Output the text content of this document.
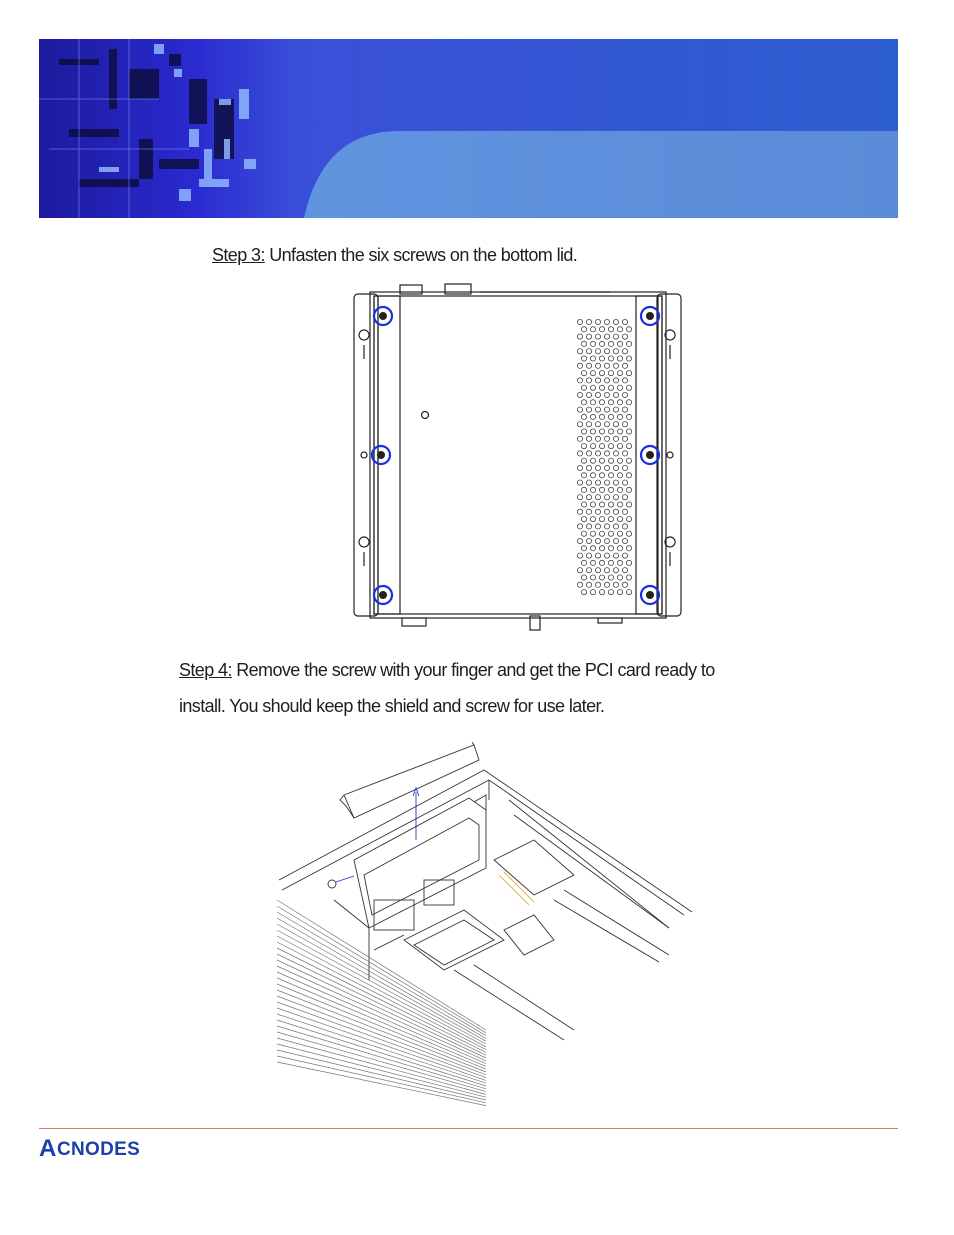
Step 3: Unfasten the six screws on the bottom lid.
Step 4: Remove the screw with your finger and get the PCI card ready to
install. You should keep the shield and screw for use later.
A CNODES
